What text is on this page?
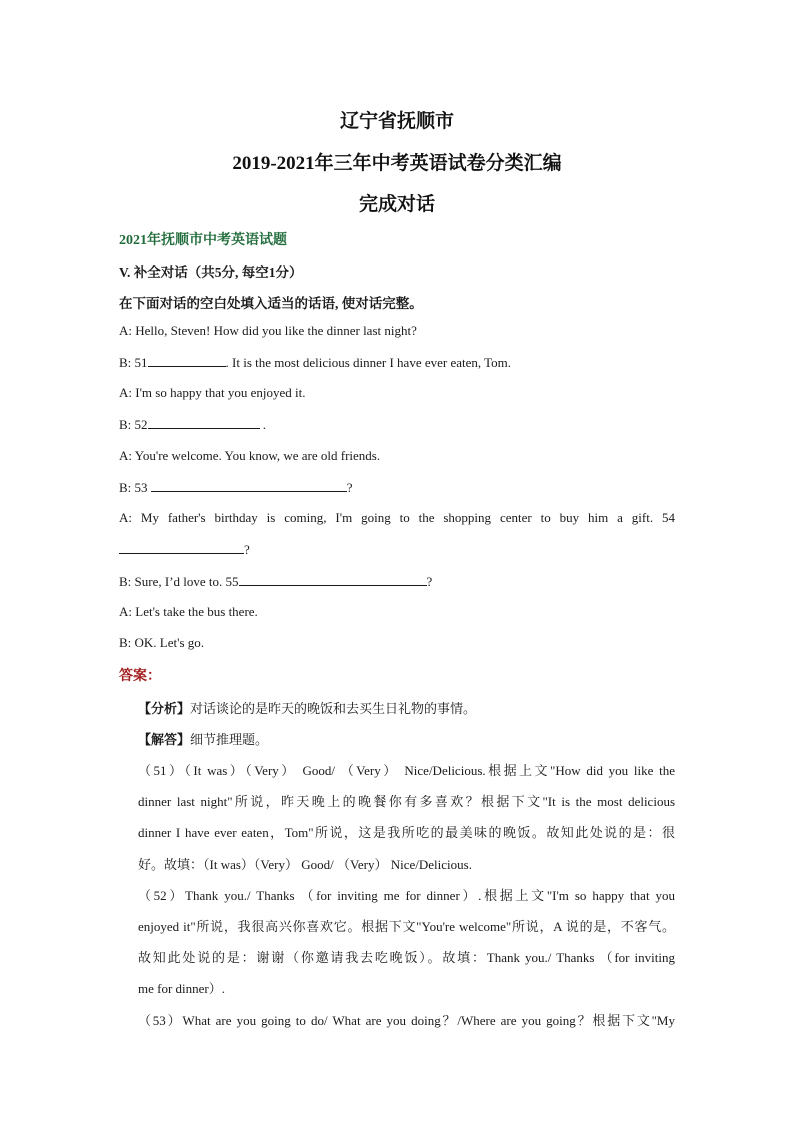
辽宁省抚顺市
2019-2021年三年中考英语试卷分类汇编
完成对话
2021年抚顺市中考英语试题
V. 补全对话（共5分, 每空1分）
在下面对话的空白处填入适当的话语, 使对话完整。
A: Hello, Steven! How did you like the dinner last night?
B: 51	. It is the most delicious dinner I have ever eaten, Tom.
A: I'm so happy that you enjoyed it.
B: 52	.
A: You're welcome. You know, we are old friends.
B: 53	?
A: My father's birthday is coming, I'm going to the shopping center to buy him a gift. 54
?
B: Sure, I’d love to. 55	?
A: Let's take the bus there.
B: OK. Let's go.
答案：
【分析】对话谈论的是昨天的晚饭和去买生日礼物的事情。
【解答】细节推理题。
（51）（It was）（Very） Good/ （Very） Nice/Delicious.根据上文"How did you like the
dinner last night"所说，昨天晚上的晚餐你有多喜欢？根据下文"It is the most delicious
dinner I have ever eaten，Tom"所说，这是我所吃的最美味的晚饭。故知此处说的是：很
好。故填：（It was）（Very） Good/ （Very） Nice/Delicious.
（52）Thank you./ Thanks （for inviting me for dinner）.根据上文"I'm so happy that you
enjoyed it"所说，我很高兴你喜欢它。根据下文"You're welcome"所说，A 说的是，不客气。
故知此处说的是：谢谢（你邀请我去吃晚饭）。故填：Thank you./ Thanks （for inviting
me for dinner）.
（53）What are you going to do/ What are you doing？/Where are you going？根据下文"My
